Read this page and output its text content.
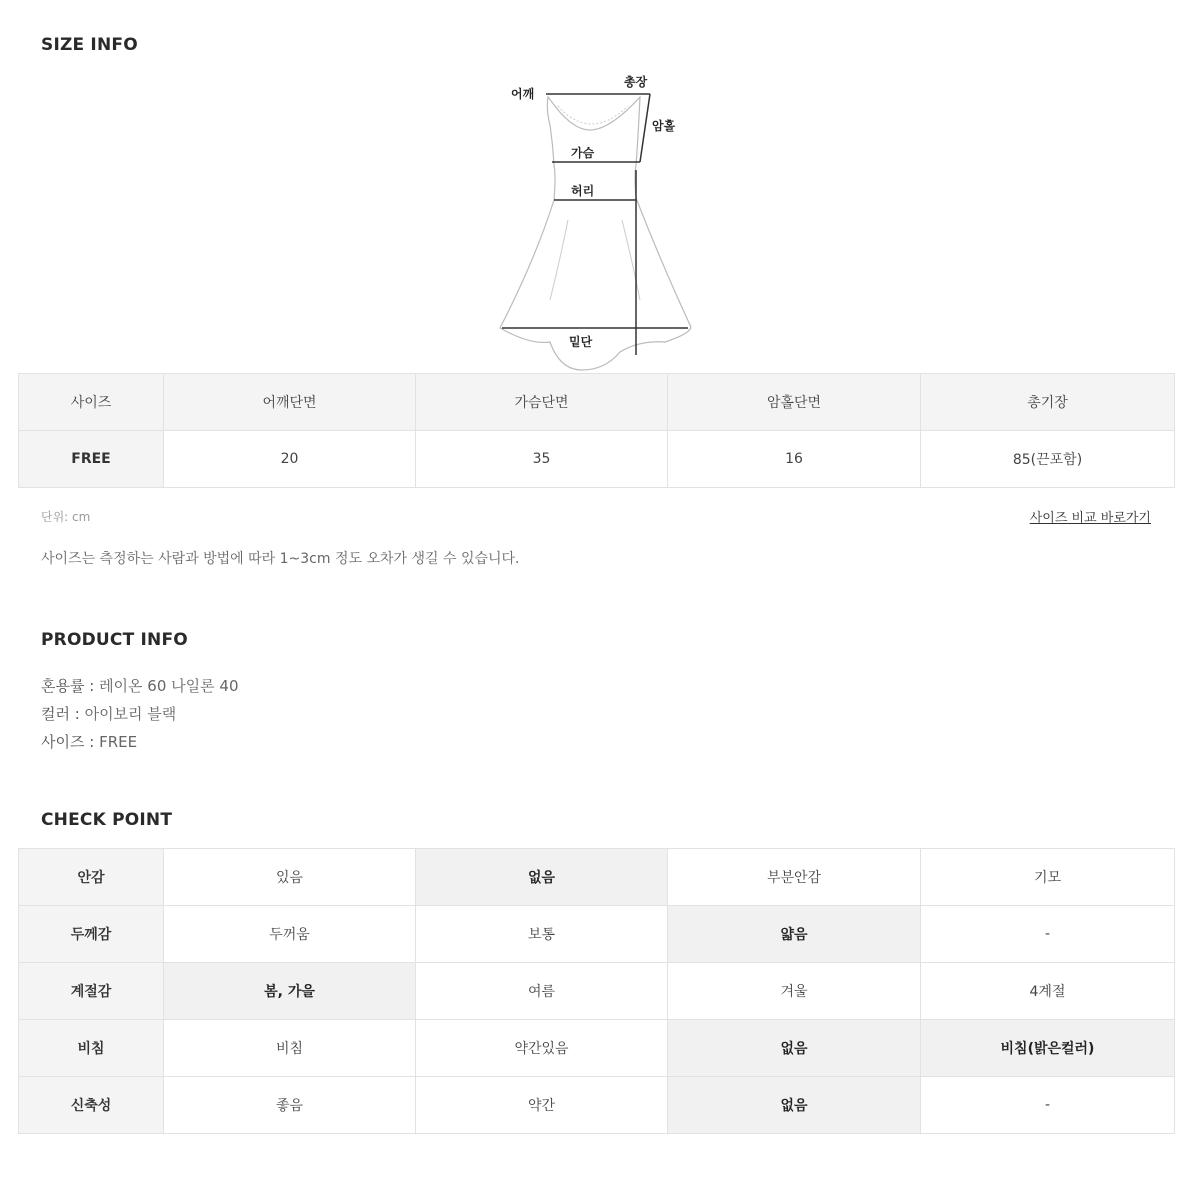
SIZE INFO
어깨
총장
암홀
가슴
허리
밑단
사이즈	어깨단면	가슴단면	암홀단면	총기장
FREE	20	35	16	85(끈포함)
단위: cm	사이즈 비교 바로가기
사이즈는 측정하는 사람과 방법에 따라 1~3cm 정도 오차가 생길 수 있습니다.
PRODUCT INFO
혼용률 : 레이온 60 나일론 40
컬러 : 아이보리 블랙
사이즈 : FREE
CHECK POINT
안감	있음	없음	부분안감	기모
두께감	두꺼움	보통	얇음	-
계절감	봄, 가을	여름	겨울	4계절
비침	비침	약간있음	없음	비침(밝은컬러)
신축성	좋음	약간	없음	-
